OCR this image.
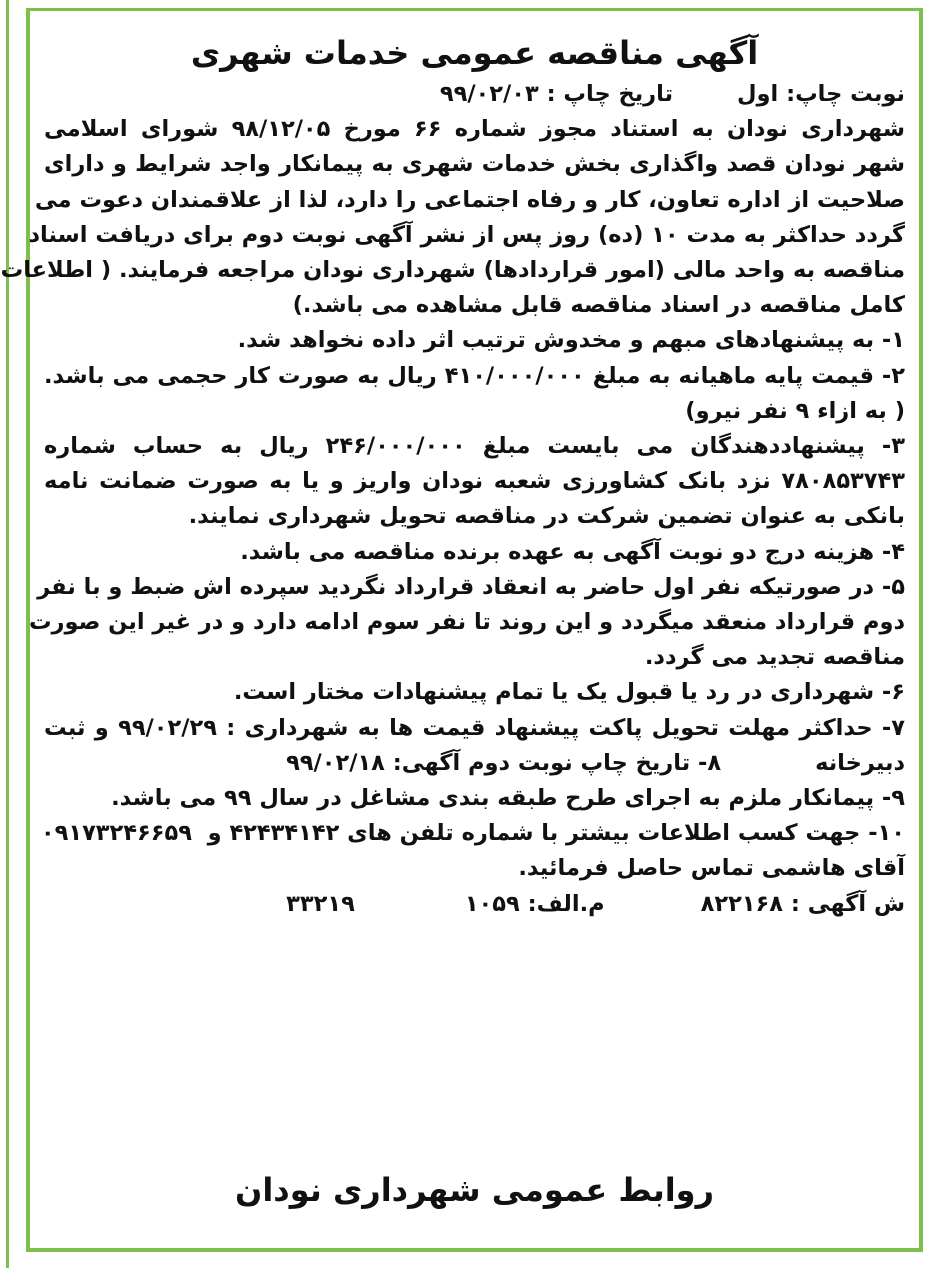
آگهی مناقصه عمومی خدمات شهری
نوبت چاپ: اول
تاریخ چاپ :

۹۹/۰۲/۰۳
شهرداری نودان به استناد مجوز شماره ۶۶ مورخ ۹۸/۱۲/۰۵ شورای اسلامی
شهر نودان قصد واگذاری بخش خدمات شهری به پیمانکار واجد شرایط و دارای
صلاحیت از اداره تعاون، کار و رفاه اجتماعی را دارد، لذا از علاقمندان دعوت می
گردد حداکثر به مدت ۱۰ (ده) روز پس از نشر آگهی نوبت دوم برای دریافت اسناد
مناقصه به واحد مالی (امور قراردادها) شهرداری نودان مراجعه فرمایند. ( اطلاعات
کامل مناقصه در اسناد مناقصه قابل مشاهده می باشد.)
۱- به پیشنهادهای مبهم و مخدوش ترتیب اثر داده نخواهد شد.
۲- قیمت پایه ماهیانه به مبلغ ۴۱۰/۰۰۰/۰۰۰ ریال به صورت کار حجمی می باشد.
( به ازاء ۹ نفر نیرو)
۳- پیشنهاددهندگان می بایست مبلغ ۲۴۶/۰۰۰/۰۰۰ ریال به حساب شماره
۷۸۰۸۵۳۷۴۳ نزد بانک کشاورزی شعبه نودان واریز و یا به صورت ضمانت نامه
بانکی به عنوان تضمین شرکت در مناقصه تحویل شهرداری نمایند.
۴- هزینه درج دو نوبت آگهی به عهده برنده مناقصه می باشد.
۵- در صورتیکه نفر اول حاضر به انعقاد قرارداد نگردید سپرده اش ضبط و با نفر
دوم قرارداد منعقد میگردد و این روند تا نفر سوم ادامه دارد و در غیر این صورت
مناقصه تجدید می گردد.
۶- شهرداری در رد یا قبول یک یا تمام پیشنهادات مختار است.
۷- حداکثر مهلت تحویل پاکت پیشنهاد قیمت ها به شهرداری : ۹۹/۰۲/۲۹ و ثبت
دبیرخانه
۸- تاریخ چاپ نوبت دوم آگهی:

۹۹/۰۲/۱۸
۹- پیمانکار ملزم به اجرای طرح طبقه بندی مشاغل در سال ۹۹ می باشد.
۱۰- جهت کسب اطلاعات بیشتر با شماره تلفن های

۴۲۴۳۴۱۴۲

و

۰۹۱۷۳۲۴۶۶۵۹
آقای هاشمی تماس حاصل فرمائید.
ش آگهی :

۸۲۲۱۶۸
م.الف:

۱۰۵۹
۳۳۲۱۹
روابط عمومی شهرداری نودان
